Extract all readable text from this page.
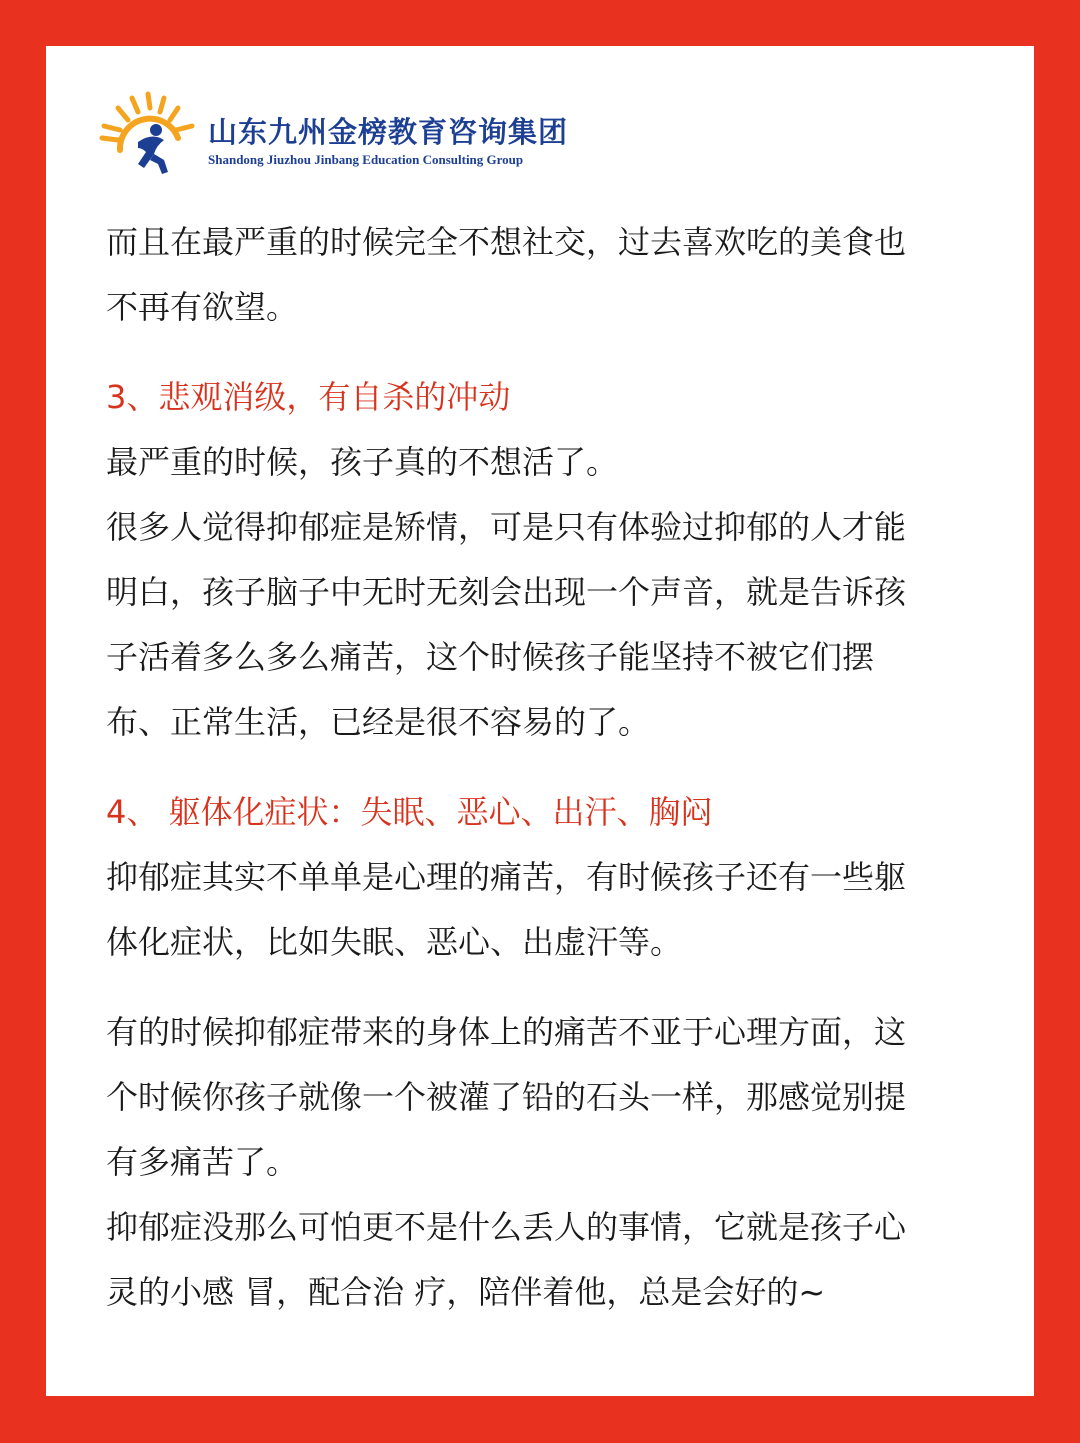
山东九州金榜教育咨询集团
Shandong Jiuzhou Jinbang Education Consulting Group

而且在最严重的时候完全不想社交，过去喜欢吃的美食也

不再有欲望。

3、悲观消级，有自杀的冲动

最严重的时候，孩子真的不想活了。

很多人觉得抑郁症是矫情，可是只有体验过抑郁的人才能

明白，孩子脑子中无时无刻会出现一个声音，就是告诉孩

子活着多么多么痛苦，这个时候孩子能坚持不被它们摆

布、正常生活，已经是很不容易的了。

4、 躯体化症状：失眠、恶心、出汗、胸闷

抑郁症其实不单单是心理的痛苦，有时候孩子还有一些躯

体化症状，比如失眠、恶心、出虚汗等。

有的时候抑郁症带来的身体上的痛苦不亚于心理方面，这

个时候你孩子就像一个被灌了铅的石头一样，那感觉别提

有多痛苦了。

抑郁症没那么可怕更不是什么丢人的事情，它就是孩子心

灵的小感 冒，配合治 疗，陪伴着他，总是会好的~
